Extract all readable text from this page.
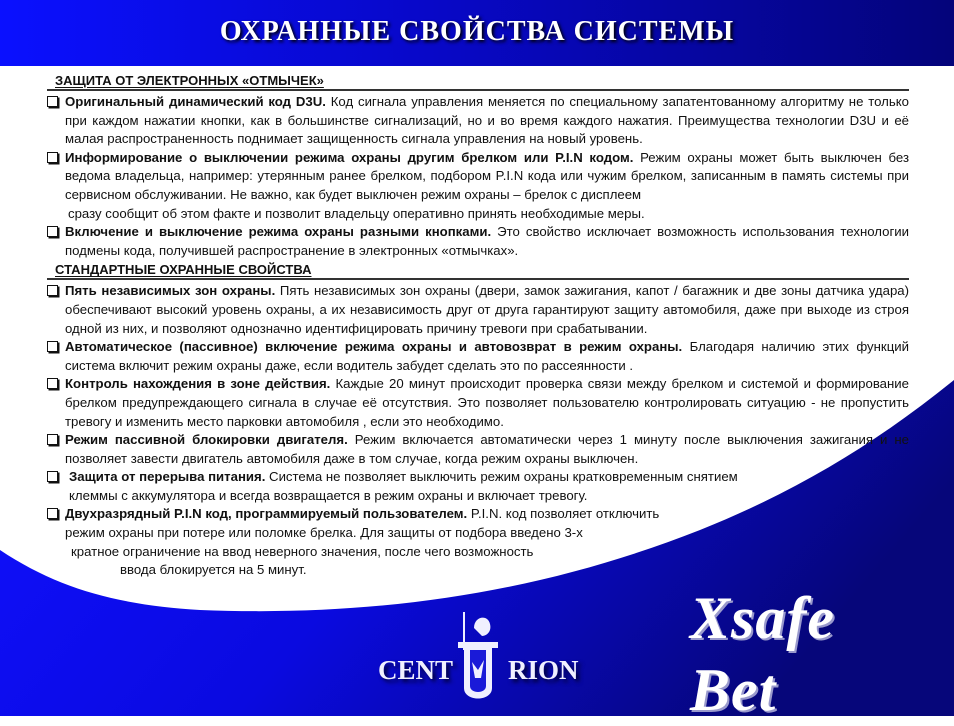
ОХРАННЫЕ СВОЙСТВА СИСТЕМЫ
ЗАЩИТА ОТ ЭЛЕКТРОННЫХ «ОТМЫЧЕК»
Оригинальный динамический код D3U. Код сигнала управления меняется по специальному запатентованному алгоритму не только при каждом нажатии кнопки, как в большинстве сигнализаций, но и во время каждого нажатия. Преимущества технологии D3U и её малая распространенность поднимает защищенность сигнала управления на новый уровень.
Информирование о выключении режима охраны другим брелком или P.I.N кодом. Режим охраны может быть выключен без ведома владельца, например: утерянным ранее брелком, подбором P.I.N кода или чужим брелком, записанным в память системы при сервисном обслуживании. Не важно, как будет выключен режим охраны – брелок с дисплеем
сразу сообщит об этом факте и позволит владельцу оперативно принять необходимые меры.
Включение и выключение режима охраны разными кнопками. Это свойство исключает возможность использования технологии подмены кода, получившей распространение в электронных «отмычках».
СТАНДАРТНЫЕ ОХРАННЫЕ СВОЙСТВА
Пять независимых зон охраны. Пять независимых зон охраны (двери, замок зажигания, капот / багажник и две зоны датчика удара) обеспечивают высокий уровень охраны, а их независимость друг от друга гарантируют защиту автомобиля, даже при выходе из строя одной из них, и позволяют однозначно идентифицировать причину тревоги при срабатывании.
Автоматическое (пассивное) включение режима охраны и автовозврат в режим охраны. Благодаря наличию этих функций система включит режим охраны даже, если водитель забудет сделать это по рассеянности .
Контроль нахождения в зоне действия. Каждые 20 минут происходит проверка связи между брелком и системой и формирование брелком предупреждающего сигнала в случае её отсутствия. Это позволяет пользователю контролировать ситуацию - не пропустить тревогу и изменить место парковки автомобиля , если это необходимо.
Режим пассивной блокировки двигателя. Режим включается автоматически через 1 минуту после выключения зажигания и не позволяет завести двигатель автомобиля даже в том случае, когда режим охраны выключен.
Защита от перерыва питания. Система не позволяет выключить режим охраны кратковременным снятием
клеммы с аккумулятора и всегда возвращается в режим охраны и включает тревогу.
Двухразрядный P.I.N код, программируемый пользователем. P.I.N. код позволяет отключить
режим охраны при потере или поломке брелка. Для защиты от подбора введено 3-х
кратное ограничение на ввод неверного значения, после чего возможность
ввода блокируется на 5 минут.
CENT RION
Xsafe Bet
